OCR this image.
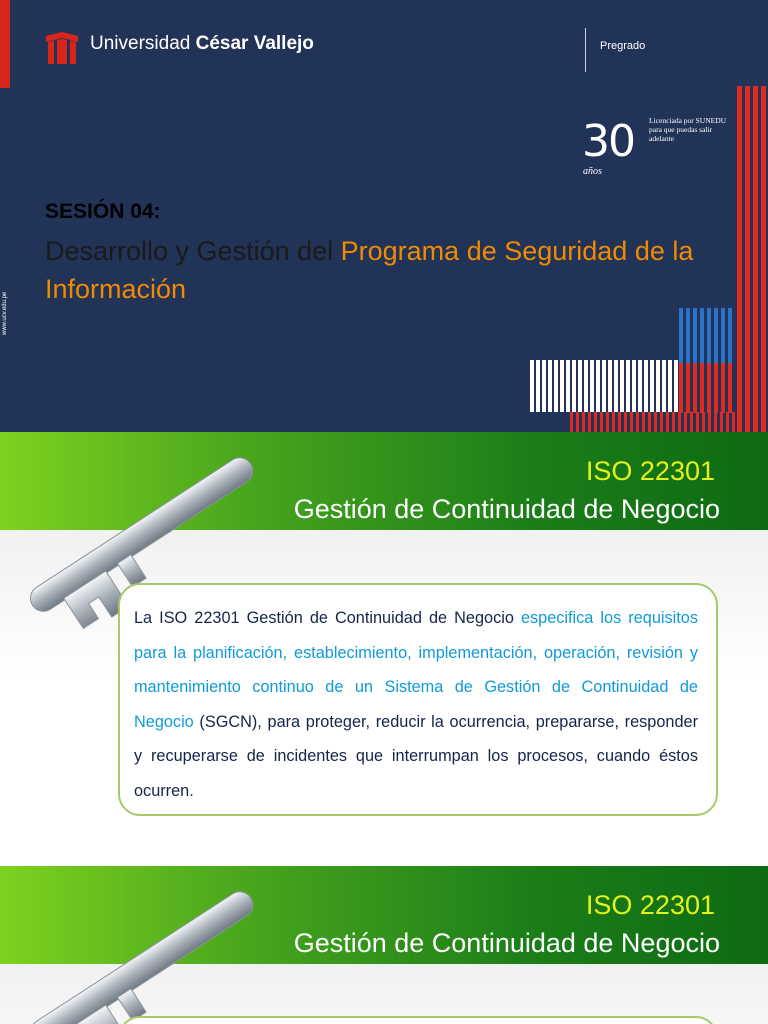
Universidad César Vallejo	Pregrado
30
años
Licenciada por SUNEDU para que puedas salir adelante
www.ucv.edu.pe
SESIÓN 04:
Desarrollo y Gestión del Programa de Seguridad de la Información
ISO 22301
Gestión de Continuidad de Negocio

La ISO 22301 Gestión de Continuidad de Negocio especifica los requisitos para la planificación, establecimiento, implementación, operación, revisión y mantenimiento continuo de un Sistema de Gestión de Continuidad de Negocio (SGCN), para proteger, reducir la ocurrencia, prepararse, responder y recuperarse de incidentes que interrumpan los procesos, cuando éstos ocurren.

ISO 22301
Gestión de Continuidad de Negocio
